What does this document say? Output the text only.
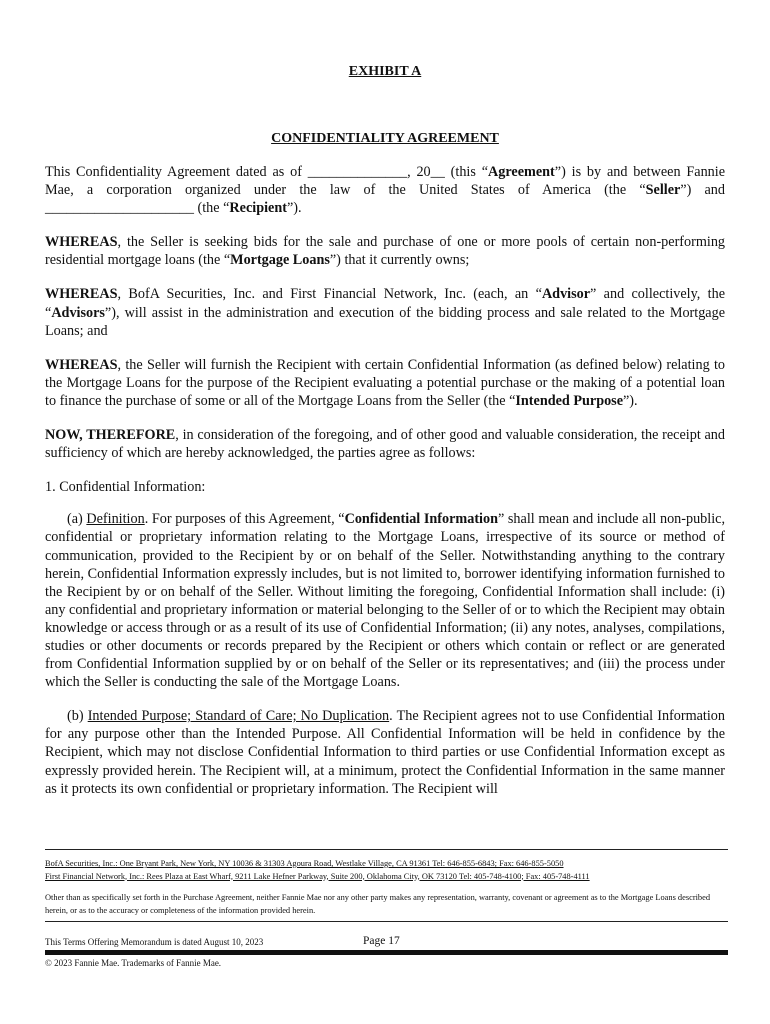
EXHIBIT A
CONFIDENTIALITY AGREEMENT

This Confidentiality Agreement dated as of ______________, 20__ (this “Agreement”) is by and between Fannie Mae, a corporation organized under the law of the United States of America (the “Seller”) and _____________________ (the “Recipient”).

WHEREAS, the Seller is seeking bids for the sale and purchase of one or more pools of certain non-performing residential mortgage loans (the “Mortgage Loans”) that it currently owns;

WHEREAS, BofA Securities, Inc. and First Financial Network, Inc. (each, an “Advisor” and collectively, the “Advisors”), will assist in the administration and execution of the bidding process and sale related to the Mortgage Loans; and

WHEREAS, the Seller will furnish the Recipient with certain Confidential Information (as defined below) relating to the Mortgage Loans for the purpose of the Recipient evaluating a potential purchase or the making of a potential loan to finance the purchase of some or all of the Mortgage Loans from the Seller (the “Intended Purpose”).

NOW, THEREFORE, in consideration of the foregoing, and of other good and valuable consideration, the receipt and sufficiency of which are hereby acknowledged, the parties agree as follows:

1. Confidential Information:

(a) Definition. For purposes of this Agreement, “Confidential Information” shall mean and include all non-public, confidential or proprietary information relating to the Mortgage Loans, irrespective of its source or method of communication, provided to the Recipient by or on behalf of the Seller. Notwithstanding anything to the contrary herein, Confidential Information expressly includes, but is not limited to, borrower identifying information furnished to the Recipient by or on behalf of the Seller. Without limiting the foregoing, Confidential Information shall include: (i) any confidential and proprietary information or material belonging to the Seller of or to which the Recipient may obtain knowledge or access through or as a result of its use of Confidential Information; (ii) any notes, analyses, compilations, studies or other documents or records prepared by the Recipient or others which contain or reflect or are generated from Confidential Information supplied by or on behalf of the Seller or its representatives; and (iii) the process under which the Seller is conducting the sale of the Mortgage Loans.

(b) Intended Purpose; Standard of Care; No Duplication. The Recipient agrees not to use Confidential Information for any purpose other than the Intended Purpose. All Confidential Information will be held in confidence by the Recipient, which may not disclose Confidential Information to third parties or use Confidential Information except as expressly provided herein. The Recipient will, at a minimum, protect the Confidential Information in the same manner as it protects its own confidential or proprietary information. The Recipient will

BofA Securities, Inc.: One Bryant Park, New York, NY 10036 & 31303 Agoura Road, Westlake Village, CA 91361 Tel: 646-855-6843; Fax: 646-855-5050
First Financial Network, Inc.: Rees Plaza at East Wharf, 9211 Lake Hefner Parkway, Suite 200, Oklahoma City, OK 73120 Tel: 405-748-4100; Fax: 405-748-4111
Other than as specifically set forth in the Purchase Agreement, neither Fannie Mae nor any other party makes any representation, warranty, covenant or agreement as to the Mortgage Loans described herein, or as to the accuracy or completeness of the information provided herein.
This Terms Offering Memorandum is dated August 10, 2023	Page 17
© 2023 Fannie Mae. Trademarks of Fannie Mae.
